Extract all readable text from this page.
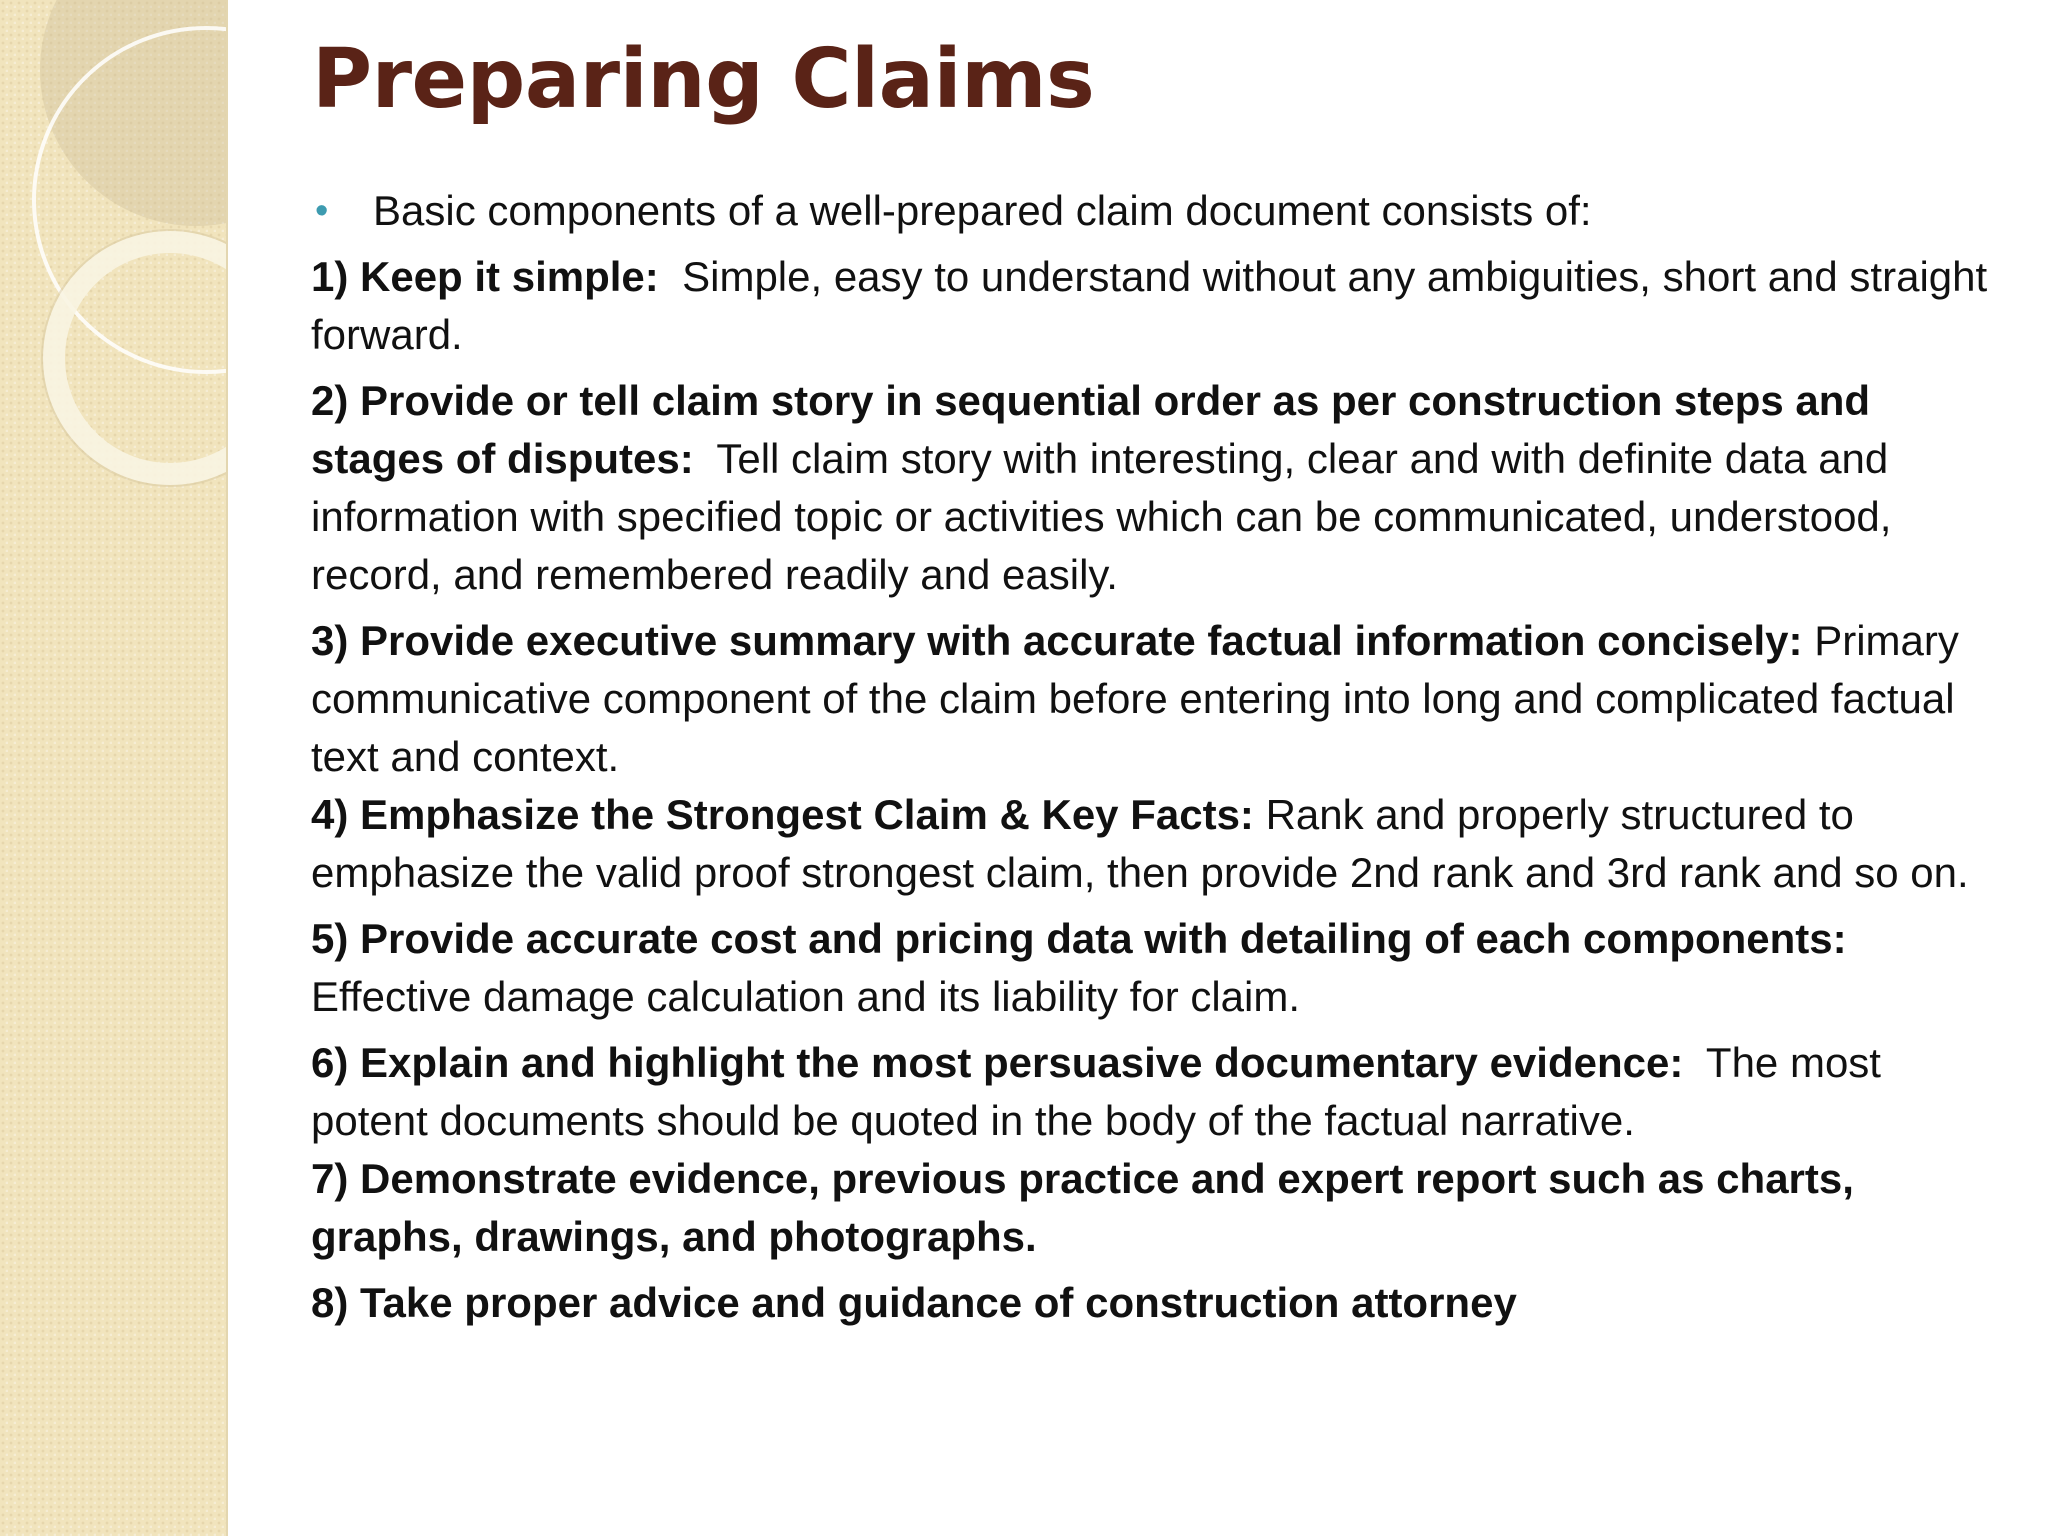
Preparing Claims

• Basic components of a well-prepared claim document consists of:

1) Keep it simple: Simple, easy to understand without any ambiguities, short and straight forward.

2) Provide or tell claim story in sequential order as per construction steps and stages of disputes: Tell claim story with interesting, clear and with definite data and information with specified topic or activities which can be communicated, understood, record, and remembered readily and easily.

3) Provide executive summary with accurate factual information concisely: Primary communicative component of the claim before entering into long and complicated factual text and context.

4) Emphasize the Strongest Claim & Key Facts: Rank and properly structured to emphasize the valid proof strongest claim, then provide 2nd rank and 3rd rank and so on.

5) Provide accurate cost and pricing data with detailing of each components: Effective damage calculation and its liability for claim.

6) Explain and highlight the most persuasive documentary evidence: The most potent documents should be quoted in the body of the factual narrative.

7) Demonstrate evidence, previous practice and expert report such as charts, graphs, drawings, and photographs.

8) Take proper advice and guidance of construction attorney
